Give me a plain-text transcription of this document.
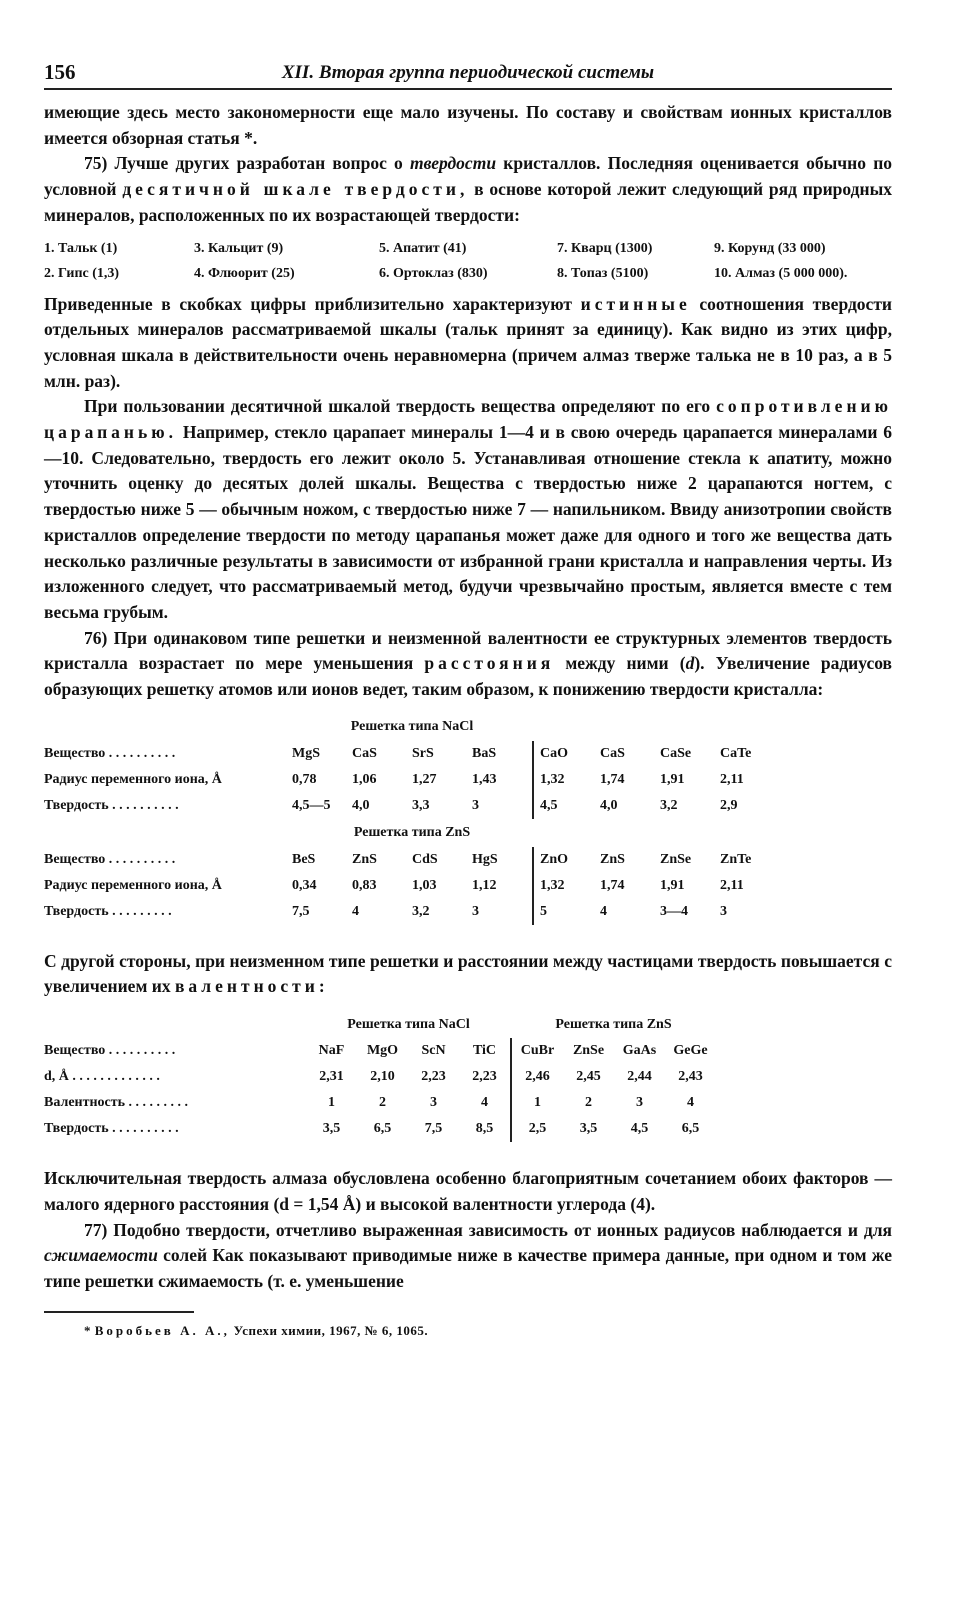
156	XII. Вторая группа периодической системы

имеющие здесь место закономерности еще мало изучены. По составу и свойствам ионных кристаллов имеется обзорная статья *.

75) Лучше других разработан вопрос о твердости кристаллов. Последняя оценивается обычно по условной десятичной шкале твердости, в основе которой лежит следующий ряд природных минералов, расположенных по их возрастающей твердости:

1. Тальк (1)	3. Кальцит (9)	5. Апатит (41)	7. Кварц (1300)	9. Корунд (33 000)
2. Гипс (1,3)	4. Флюорит (25)	6. Ортоклаз (830)	8. Топаз (5100)	10. Алмаз (5 000 000).

Приведенные в скобках цифры приблизительно характеризуют истинные соотношения твердости отдельных минералов рассматриваемой шкалы (тальк принят за единицу). Как видно из этих цифр, условная шкала в действительности очень неравномерна (причем алмаз тверже талька не в 10 раз, а в 5 млн. раз).

При пользовании десятичной шкалой твердость вещества определяют по его сопротивлению царапанью. Например, стекло царапает минералы 1—4 и в свою очередь царапается минералами 6—10. Следовательно, твердость его лежит около 5. Устанавливая отношение стекла к апатиту, можно уточнить оценку до десятых долей шкалы. Вещества с твердостью ниже 2 царапаются ногтем, с твердостью ниже 5 — обычным ножом, с твердостью ниже 7 — напильником. Ввиду анизотропии свойств кристаллов определение твердости по методу царапанья может даже для одного и того же вещества дать несколько различные результаты в зависимости от избранной грани кристалла и направления черты. Из изложенного следует, что рассматриваемый метод, будучи чрезвычайно простым, является вместе с тем весьма грубым.

76) При одинаковом типе решетки и неизменной валентности ее структурных элементов твердость кристалла возрастает по мере уменьшения расстояния между ними (d). Увеличение радиусов образующих решетку атомов или ионов ведет, таким образом, к понижению твердости кристалла:

Решетка типа NaCl								
Вещество . . . . . . . . . .	MgS	CaS	SrS	BaS	CaO	CaS	CaSe	CaTe
Радиус переменного иона, Å	0,78	1,06	1,27	1,43	1,32	1,74	1,91	2,11
Твердость . . . . . . . . . .	4,5—5	4,0	3,3	3	4,5	4,0	3,2	2,9
Решетка типа ZnS								
Вещество . . . . . . . . . .	BeS	ZnS	CdS	HgS	ZnO	ZnS	ZnSe	ZnTe
Радиус переменного иона, Å	0,34	0,83	1,03	1,12	1,32	1,74	1,91	2,11
Твердость . . . . . . . . .	7,5	4	3,2	3	5	4	3—4	3

С другой стороны, при неизменном типе решетки и расстоянии между частицами твердость повышается с увеличением их валентности:

	Решетка типа NaCl				Решетка типа ZnS			
Вещество . . . . . . . . . .	NaF	MgO	ScN	TiC	CuBr	ZnSe	GaAs	GeGe
d, Å . . . . . . . . . . . . .	2,31	2,10	2,23	2,23	2,46	2,45	2,44	2,43
Валентность . . . . . . . . .	1	2	3	4	1	2	3	4
Твердость . . . . . . . . . .	3,5	6,5	7,5	8,5	2,5	3,5	4,5	6,5

Исключительная твердость алмаза обусловлена особенно благоприятным сочетанием обоих факторов — малого ядерного расстояния (d = 1,54 Å) и высокой валентности углерода (4).

77) Подобно твердости, отчетливо выраженная зависимость от ионных радиусов наблюдается и для сжимаемости солей Как показывают приводимые ниже в качестве примера данные, при одном и том же типе решетки сжимаемость (т. е. уменьшение

* Воробьев А. А., Успехи химии, 1967, № 6, 1065.
